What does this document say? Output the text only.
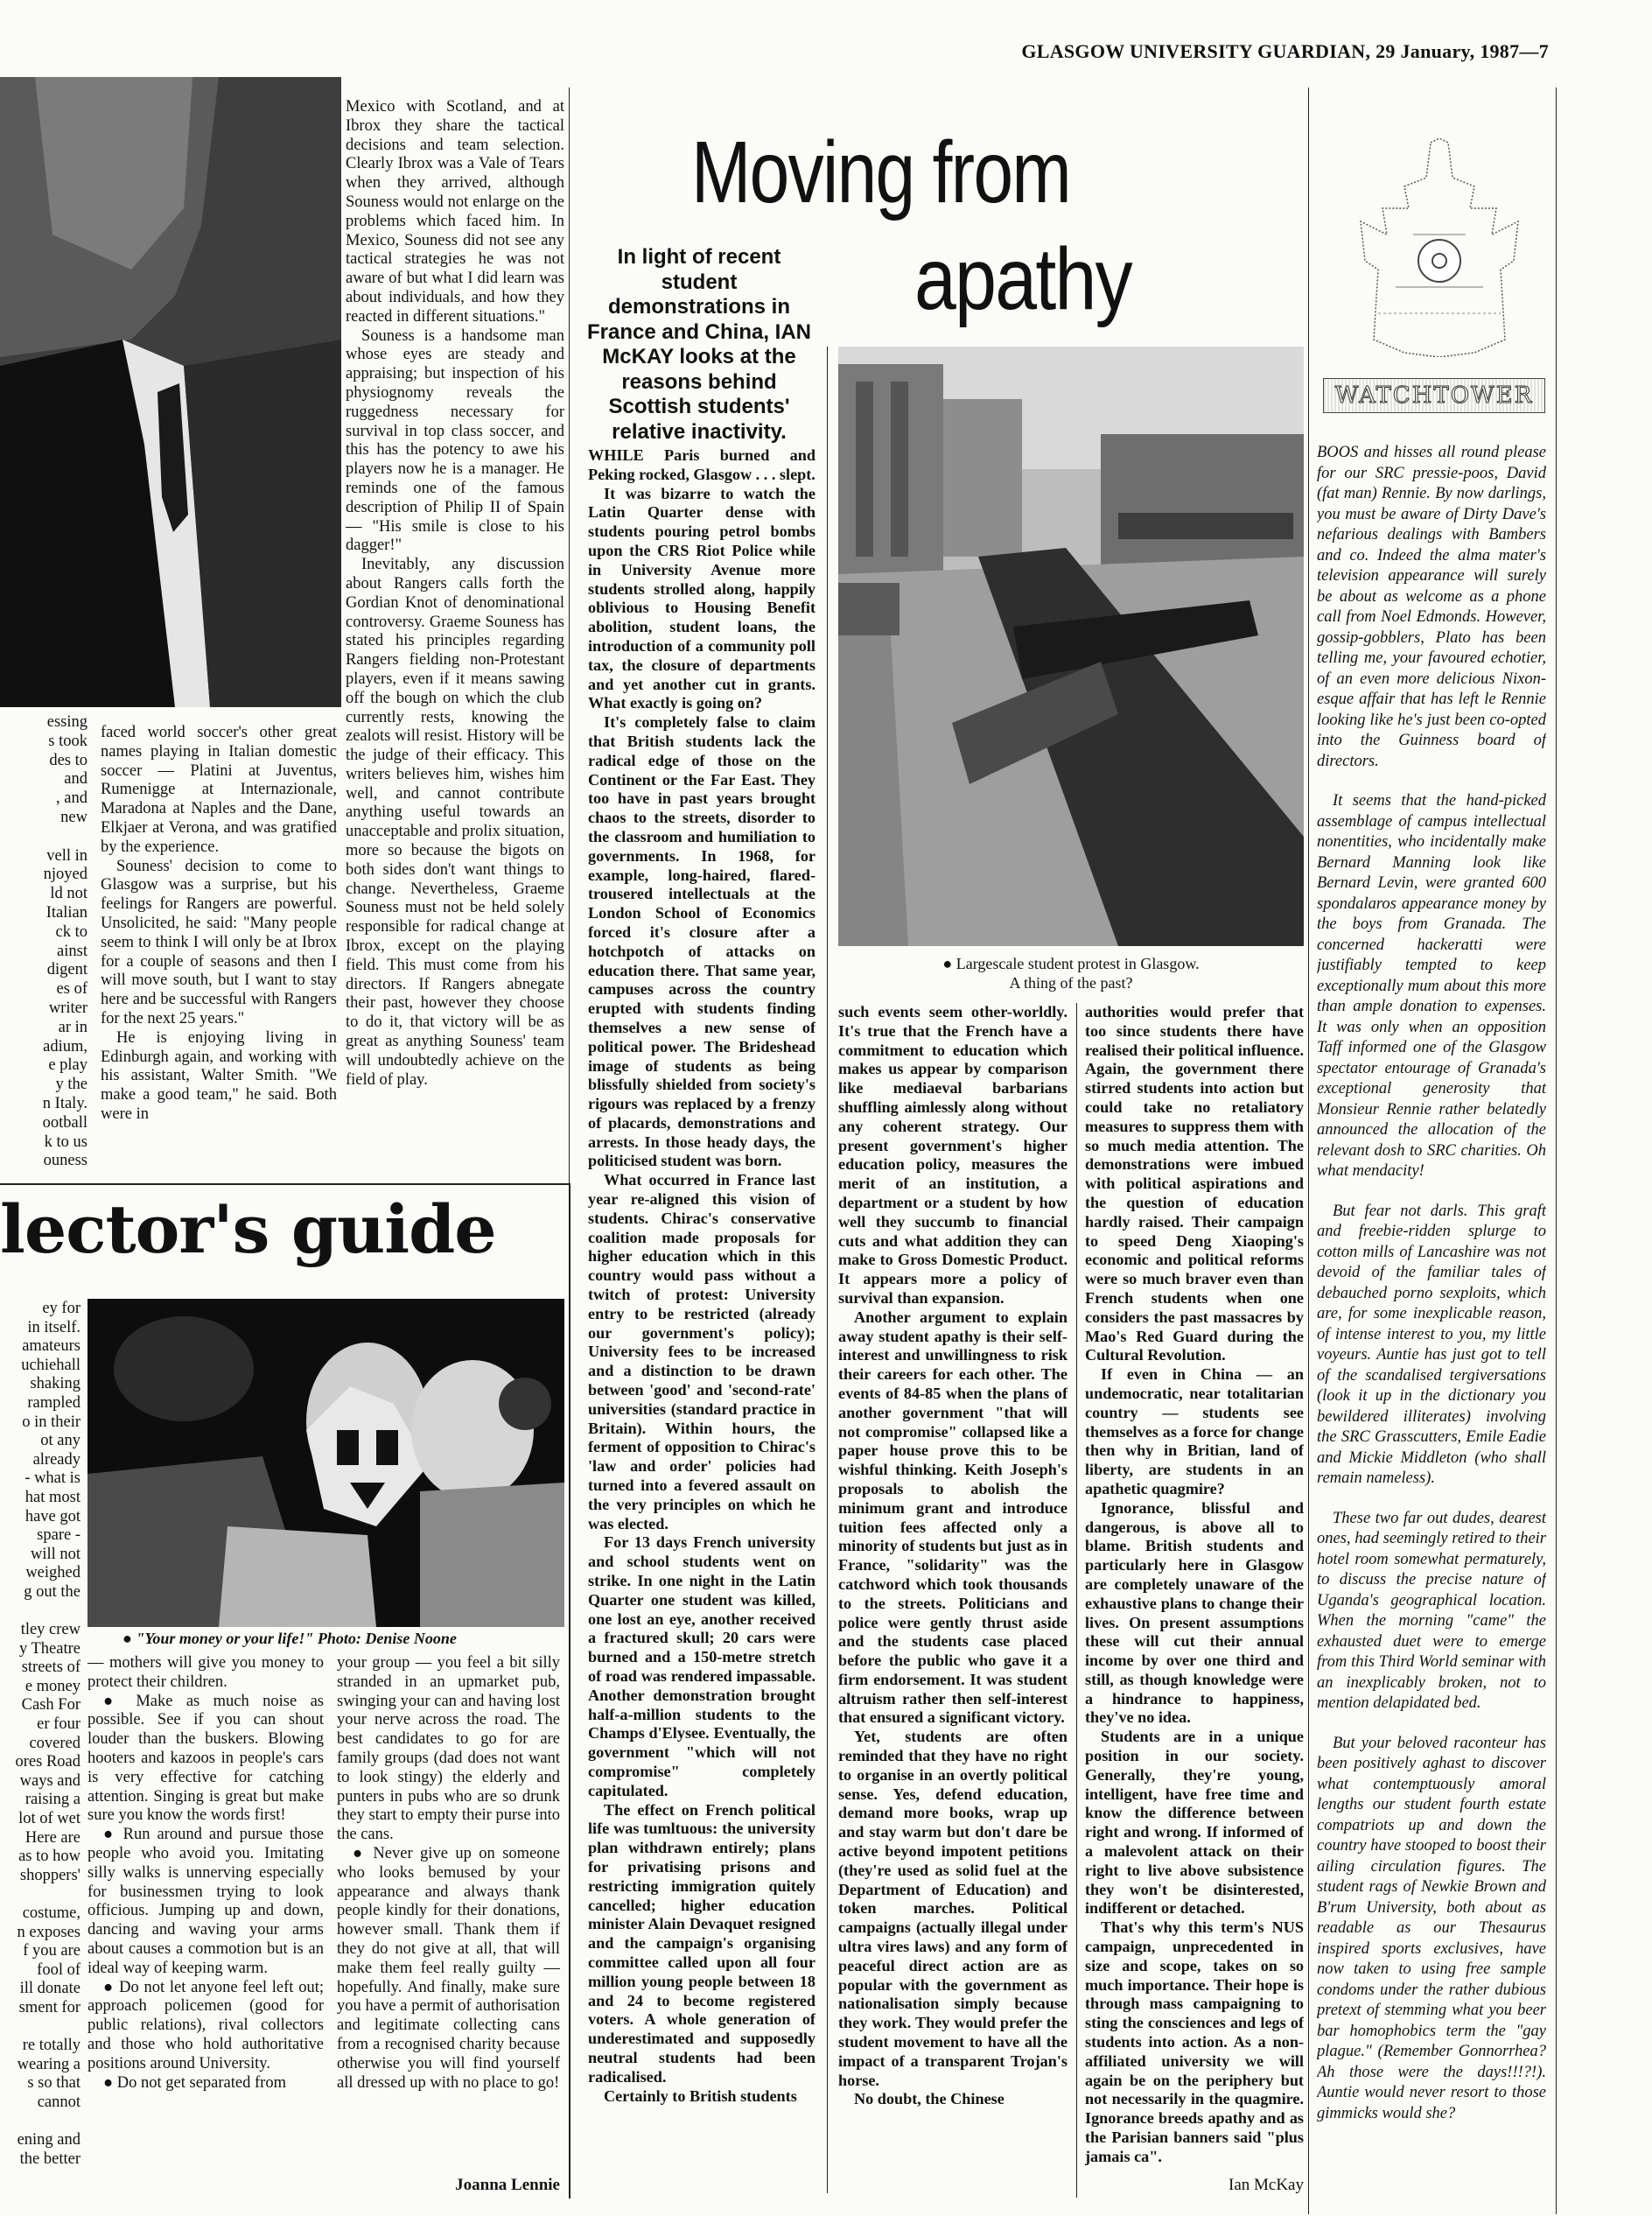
GLASGOW UNIVERSITY GUARDIAN, 29 January, 1987—7
essing
s took
des to
and
, and
new

vell in
njoyed
ld not
Italian
ck to
ainst
digent
es of
writer
ar in
adium,
e play
y the
n Italy.
ootball
k to us
ouness

faced world soccer's other great names playing in Italian domestic soccer — Platini at Juventus, Rumenigge at Internazionale, Maradona at Naples and the Dane, Elkjaer at Verona, and was gratified by the experience.

Souness' decision to come to Glasgow was a surprise, but his feelings for Rangers are powerful. Unsolicited, he said: "Many people seem to think I will only be at Ibrox for a couple of seasons and then I will move south, but I want to stay here and be successful with Rangers for the next 25 years."

He is enjoying living in Edinburgh again, and working with his assistant, Walter Smith. "We make a good team," he said. Both were in

Mexico with Scotland, and at Ibrox they share the tactical decisions and team selection. Clearly Ibrox was a Vale of Tears when they arrived, although Souness would not enlarge on the problems which faced him. In Mexico, Souness did not see any tactical strategies he was not aware of but what I did learn was about individuals, and how they reacted in different situations."

Souness is a handsome man whose eyes are steady and appraising; but inspection of his physiognomy reveals the ruggedness necessary for survival in top class soccer, and this has the potency to awe his players now he is a manager. He reminds one of the famous description of Philip II of Spain — "His smile is close to his dagger!"

Inevitably, any discussion about Rangers calls forth the Gordian Knot of denominational controversy. Graeme Souness has stated his principles regarding Rangers fielding non-Protestant players, even if it means sawing off the bough on which the club currently rests, knowing the zealots will resist. History will be the judge of their efficacy. This writers believes him, wishes him well, and cannot contribute anything useful towards an unacceptable and prolix situation, more so because the bigots on both sides don't want things to change. Nevertheless, Graeme Souness must not be held solely responsible for radical change at Ibrox, except on the playing field. This must come from his directors. If Rangers abnegate their past, however they choose to do it, that victory will be as great as anything Souness' team will undoubtedly achieve on the field of play.

Moving from
apathy
In light of recent student demonstrations in France and China, IAN McKAY looks at the reasons behind Scottish students' relative inactivity.
● Largescale student protest in Glasgow.
A thing of the past?

WHILE Paris burned and Peking rocked, Glasgow . . . slept.

It was bizarre to watch the Latin Quarter dense with students pouring petrol bombs upon the CRS Riot Police while in University Avenue more students strolled along, happily oblivious to Housing Benefit abolition, student loans, the introduction of a community poll tax, the closure of departments and yet another cut in grants. What exactly is going on?

It's completely false to claim that British students lack the radical edge of those on the Continent or the Far East. They too have in past years brought chaos to the streets, disorder to the classroom and humiliation to governments. In 1968, for example, long-haired, flared-trousered intellectuals at the London School of Economics forced it's closure after a hotchpotch of attacks on education there. That same year, campuses across the country erupted with students finding themselves a new sense of political power. The Brideshead image of students as being blissfully shielded from society's rigours was replaced by a frenzy of placards, demonstrations and arrests. In those heady days, the politicised student was born.

What occurred in France last year re-aligned this vision of students. Chirac's conservative coalition made proposals for higher education which in this country would pass without a twitch of protest: University entry to be restricted (already our government's policy); University fees to be increased and a distinction to be drawn between 'good' and 'second-rate' universities (standard practice in Britain). Within hours, the ferment of opposition to Chirac's 'law and order' policies had turned into a fevered assault on the very principles on which he was elected.

For 13 days French university and school students went on strike. In one night in the Latin Quarter one student was killed, one lost an eye, another received a fractured skull; 20 cars were burned and a 150-metre stretch of road was rendered impassable. Another demonstration brought half-a-million students to the Champs d'Elysee. Eventually, the government "which will not compromise" completely capitulated.

The effect on French political life was tumltuous: the university plan withdrawn entirely; plans for privatising prisons and restricting immigration quitely cancelled; higher education minister Alain Devaquet resigned and the campaign's organising committee called upon all four million young people between 18 and 24 to become registered voters. A whole generation of underestimated and supposedly neutral students had been radicalised.

Certainly to British students

such events seem other-worldly. It's true that the French have a commitment to education which makes us appear by comparison like mediaeval barbarians shuffling aimlessly along without any coherent strategy. Our present government's higher education policy, measures the merit of an institution, a department or a student by how well they succumb to financial cuts and what addition they can make to Gross Domestic Product. It appears more a policy of survival than expansion.

Another argument to explain away student apathy is their self-interest and unwillingness to risk their careers for each other. The events of 84-85 when the plans of another government "that will not compromise" collapsed like a paper house prove this to be wishful thinking. Keith Joseph's proposals to abolish the minimum grant and introduce tuition fees affected only a minority of students but just as in France, "solidarity" was the catchword which took thousands to the streets. Politicians and police were gently thrust aside and the students case placed before the public who gave it a firm endorsement. It was student altruism rather then self-interest that ensured a significant victory.

Yet, students are often reminded that they have no right to organise in an overtly political sense. Yes, defend education, demand more books, wrap up and stay warm but don't dare be active beyond impotent petitions (they're used as solid fuel at the Department of Education) and token marches. Political campaigns (actually illegal under ultra vires laws) and any form of peaceful direct action are as popular with the government as nationalisation simply because they work. They would prefer the student movement to have all the impact of a transparent Trojan's horse.

No doubt, the Chinese

authorities would prefer that too since students there have realised their political influence. Again, the government there stirred students into action but could take no retaliatory measures to suppress them with so much media attention. The demonstrations were imbued with political aspirations and the question of education hardly raised. Their campaign to speed Deng Xiaoping's economic and political reforms were so much braver even than French students when one considers the past massacres by Mao's Red Guard during the Cultural Revolution.

If even in China — an undemocratic, near totalitarian country — students see themselves as a force for change then why in Britian, land of liberty, are students in an apathetic quagmire?

Ignorance, blissful and dangerous, is above all to blame. British students and particularly here in Glasgow are completely unaware of the exhaustive plans to change their lives. On present assumptions these will cut their annual income by over one third and still, as though knowledge were a hindrance to happiness, they've no idea.

Students are in a unique position in our society. Generally, they're young, intelligent, have free time and know the difference between right and wrong. If informed of a malevolent attack on their right to live above subsistence they won't be disinterested, indifferent or detached.

That's why this term's NUS campaign, unprecedented in size and scope, takes on so much importance. Their hope is through mass campaigning to sting the consciences and legs of students into action. As a non-affiliated university we will again be on the periphery but not necessarily in the quagmire. Ignorance breeds apathy and as the Parisian banners said "plus jamais ca".

Ian McKay
lector's guide
ey for
in itself.
amateurs
uchiehall
shaking
rampled
o in their
ot any
already
- what is
hat most
have got
spare -
will not
weighed
g out the

tley crew
y Theatre
streets of
e money
Cash For
er four
covered
ores Road
ways and
raising a
lot of wet
Here are
as to how
shoppers'

costume,
n exposes
f you are
fool of
ill donate
sment for

re totally
wearing a
s so that
cannot

ening and
the better
● "Your money or your life!" Photo: Denise Noone

— mothers will give you money to protect their children.

● Make as much noise as possible. See if you can shout louder than the buskers. Blowing hooters and kazoos in people's cars is very effective for catching attention. Singing is great but make sure you know the words first!

● Run around and pursue those people who avoid you. Imitating silly walks is unnerving especially for businessmen trying to look officious. Jumping up and down, dancing and waving your arms about causes a commotion but is an ideal way of keeping warm.

● Do not let anyone feel left out; approach policemen (good for public relations), rival collectors and those who hold authoritative positions around University.

● Do not get separated from

your group — you feel a bit silly stranded in an upmarket pub, swinging your can and having lost your nerve across the road. The best candidates to go for are family groups (dad does not want to look stingy) the elderly and punters in pubs who are so drunk they start to empty their purse into the cans.

● Never give up on someone who looks bemused by your appearance and always thank people kindly for their donations, however small. Thank them if they do not give at all, that will make them feel really guilty — hopefully. And finally, make sure you have a permit of authorisation and legitimate collecting cans from a recognised charity because otherwise you will find yourself all dressed up with no place to go!

Joanna Lennie
WATCHTOWER

BOOS and hisses all round please for our SRC pressie-poos, David (fat man) Rennie. By now darlings, you must be aware of Dirty Dave's nefarious dealings with Bambers and co. Indeed the alma mater's television appearance will surely be about as welcome as a phone call from Noel Edmonds. However, gossip-gobblers, Plato has been telling me, your favoured echotier, of an even more delicious Nixon-esque affair that has left le Rennie looking like he's just been co-opted into the Guinness board of directors.

It seems that the hand-picked assemblage of campus intellectual nonentities, who incidentally make Bernard Manning look like Bernard Levin, were granted 600 spondalaros appearance money by the boys from Granada. The concerned hackeratti were justifiably tempted to keep exceptionally mum about this more than ample donation to expenses. It was only when an opposition Taff informed one of the Glasgow spectator entourage of Granada's exceptional generosity that Monsieur Rennie rather belatedly announced the allocation of the relevant dosh to SRC charities. Oh what mendacity!

But fear not darls. This graft and freebie-ridden splurge to cotton mills of Lancashire was not devoid of the familiar tales of debauched porno sexploits, which are, for some inexplicable reason, of intense interest to you, my little voyeurs. Auntie has just got to tell of the scandalised tergiversations (look it up in the dictionary you bewildered illiterates) involving the SRC Grasscutters, Emile Eadie and Mickie Middleton (who shall remain nameless).

These two far out dudes, dearest ones, had seemingly retired to their hotel room somewhat permaturely, to discuss the precise nature of Uganda's geographical location. When the morning "came" the exhausted duet were to emerge from this Third World seminar with an inexplicably broken, not to mention delapidated bed.

But your beloved raconteur has been positively aghast to discover what contemptuously amoral lengths our student fourth estate compatriots up and down the country have stooped to boost their ailing circulation figures. The student rags of Newkie Brown and B'rum University, both about as readable as our Thesaurus inspired sports exclusives, have now taken to using free sample condoms under the rather dubious pretext of stemming what you beer bar homophobics term the "gay plague." (Remember Gonnorrhea? Ah those were the days!!!?!). Auntie would never resort to those gimmicks would she?
